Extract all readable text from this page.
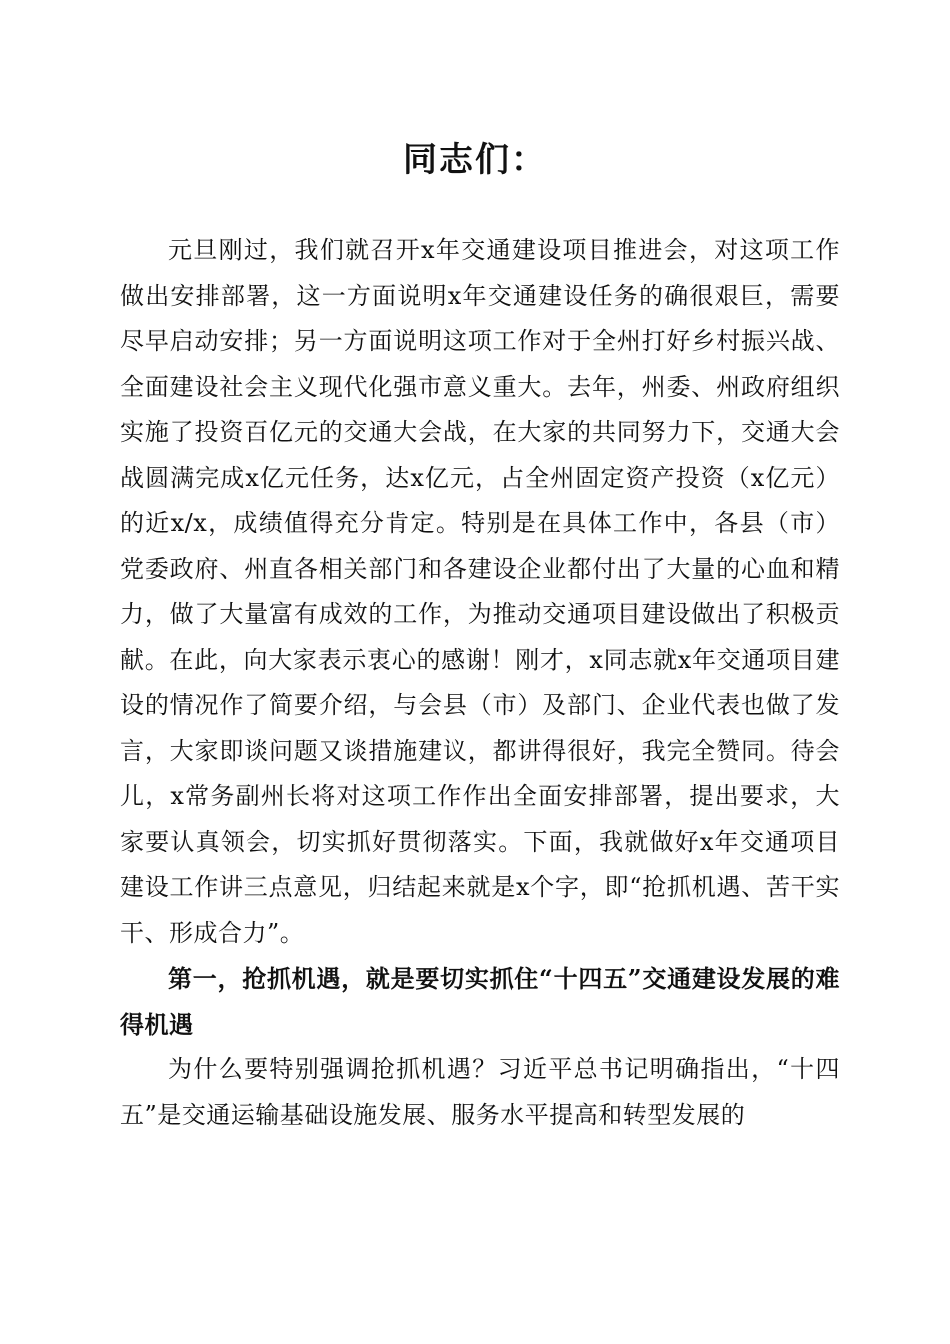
同志们：

元旦刚过，我们就召开x年交通建设项目推进会，对这项工作做出安排部署，这一方面说明x年交通建设任务的确很艰巨，需要尽早启动安排；另一方面说明这项工作对于全州打好乡村振兴战、全面建设社会主义现代化强市意义重大。去年，州委、州政府组织实施了投资百亿元的交通大会战，在大家的共同努力下，交通大会战圆满完成x亿元任务，达x亿元，占全州固定资产投资（x亿元）的近x/x，成绩值得充分肯定。特别是在具体工作中，各县（市）党委政府、州直各相关部门和各建设企业都付出了大量的心血和精力，做了大量富有成效的工作，为推动交通项目建设做出了积极贡献。在此，向大家表示衷心的感谢！刚才，x同志就x年交通项目建设的情况作了简要介绍，与会县（市）及部门、企业代表也做了发言，大家即谈问题又谈措施建议，都讲得很好，我完全赞同。待会儿，x常务副州长将对这项工作作出全面安排部署，提出要求，大家要认真领会，切实抓好贯彻落实。下面，我就做好x年交通项目建设工作讲三点意见，归结起来就是x个字，即“抢抓机遇、苦干实干、形成合力”。

第一，抢抓机遇，就是要切实抓住“十四五”交通建设发展的难得机遇

为什么要特别强调抢抓机遇？习近平总书记明确指出，“十四五”是交通运输基础设施发展、服务水平提高和转型发展的
